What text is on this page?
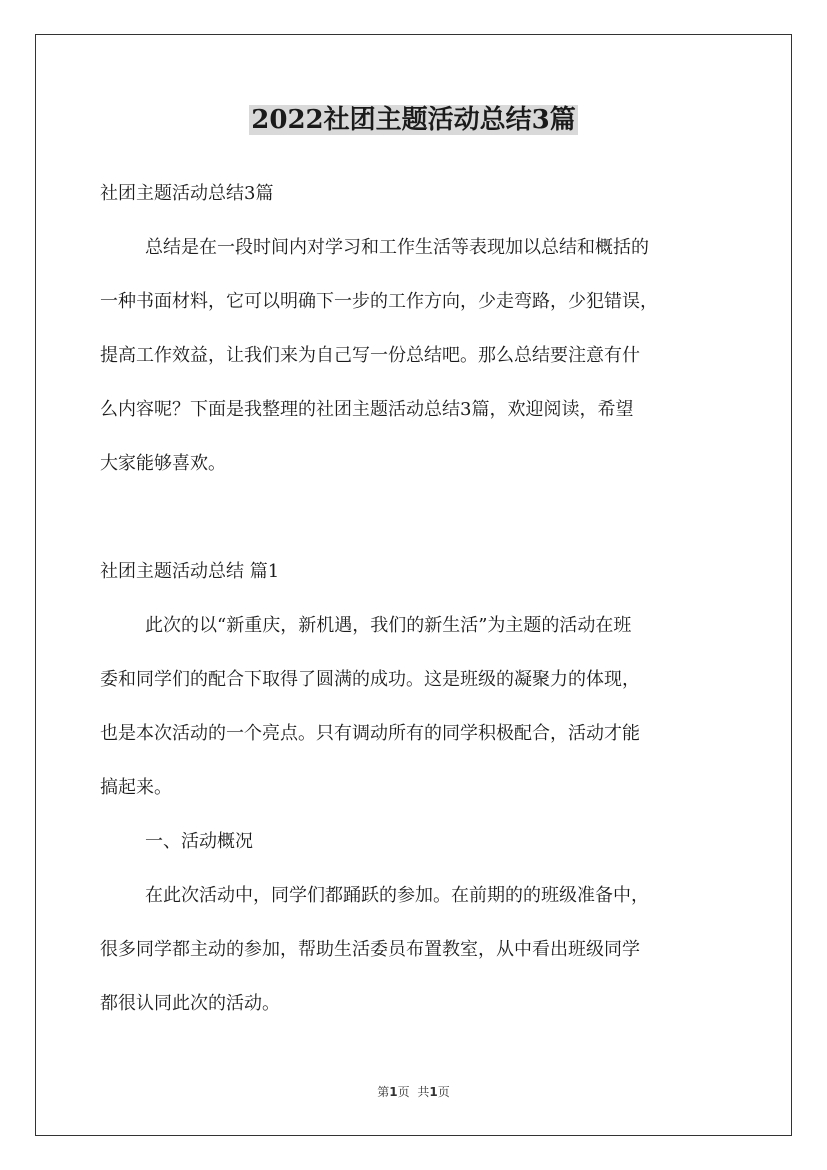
2022社团主题活动总结3篇

社团主题活动总结3篇

总结是在一段时间内对学习和工作生活等表现加以总结和概括的

一种书面材料，它可以明确下一步的工作方向，少走弯路，少犯错误，

提高工作效益，让我们来为自己写一份总结吧。那么总结要注意有什

么内容呢？下面是我整理的社团主题活动总结3篇，欢迎阅读，希望

大家能够喜欢。

社团主题活动总结 篇1

此次的以“新重庆，新机遇，我们的新生活”为主题的活动在班

委和同学们的配合下取得了圆满的成功。这是班级的凝聚力的体现，

也是本次活动的一个亮点。只有调动所有的同学积极配合，活动才能

搞起来。

一、活动概况

在此次活动中，同学们都踊跃的参加。在前期的的班级准备中，

很多同学都主动的参加，帮助生活委员布置教室，从中看出班级同学

都很认同此次的活动。

第1页 共1页
